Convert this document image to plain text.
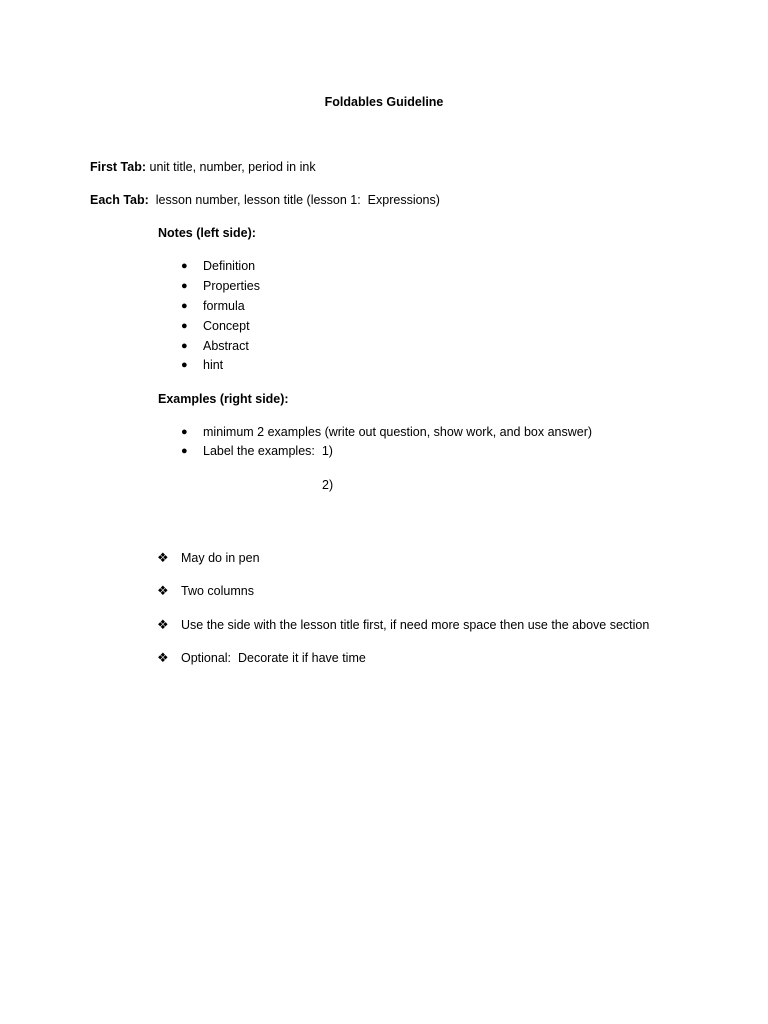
Foldables Guideline
First Tab: unit title, number, period in ink
Each Tab:  lesson number, lesson title (lesson 1:  Expressions)
Notes (left side):
● Definition
● Properties
● formula
● Concept
● Abstract
● hint
Examples (right side):
● minimum 2 examples (write out question, show work, and box answer)
● Label the examples:  1)
2)
❖ May do in pen
❖ Two columns
❖ Use the side with the lesson title first, if need more space then use the above section
❖ Optional:  Decorate it if have time
